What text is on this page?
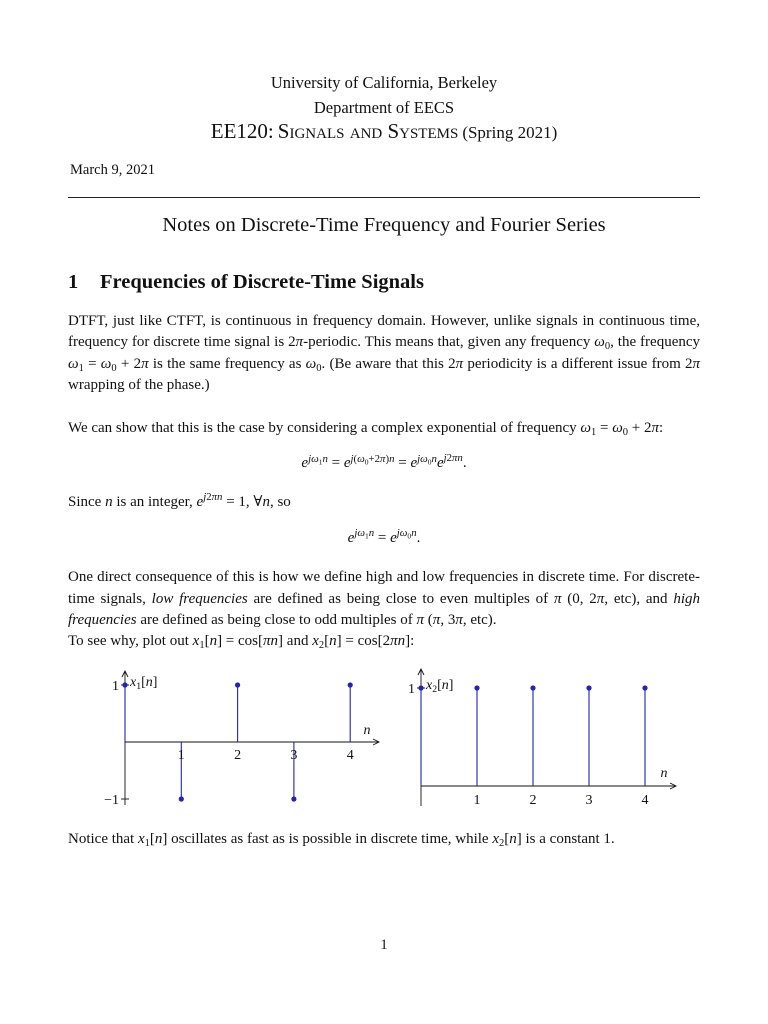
University of California, Berkeley
Department of EECS
EE120: Signals and Systems (Spring 2021)
March 9, 2021
Notes on Discrete-Time Frequency and Fourier Series
1 Frequencies of Discrete-Time Signals
DTFT, just like CTFT, is continuous in frequency domain. However, unlike signals in continuous time, frequency for discrete time signal is 2π-periodic. This means that, given any frequency $\omega_0$, the frequency $\omega_1 = \omega_0 + 2\pi$ is the same frequency as $\omega_0$. (Be aware that this 2π periodicity is a different issue from 2π wrapping of the phase.)
We can show that this is the case by considering a complex exponential of frequency $\omega_1 = \omega_0 + 2\pi$:
$e^{j\omega_1n} = e^{j(\omega_0+2\pi)n} = e^{j\omega_0n}e^{j2\pi n}$.
Since n is an integer, $e^{j2\pi n} = 1$, ∀n, so
$e^{j\omega_1n} = e^{j\omega_0n}$.
One direct consequence of this is how we define high and low frequencies in discrete time. For discrete-time signals, low frequencies are defined as being close to even multiples of π (0, 2π, etc), and high frequencies are defined as being close to odd multiples of π (π, 3π, etc).
To see why, plot out $x_1[n] = \cos[\pi n]$ and $x_2[n] = \cos[2\pi n]$:
1	2	3	4
1
−1
n
$x_1[n]$
1	2	3	4
1
n
$x_2[n]$
Notice that $x_1[n]$ oscillates as fast as is possible in discrete time, while $x_2[n]$ is a constant 1.
1
